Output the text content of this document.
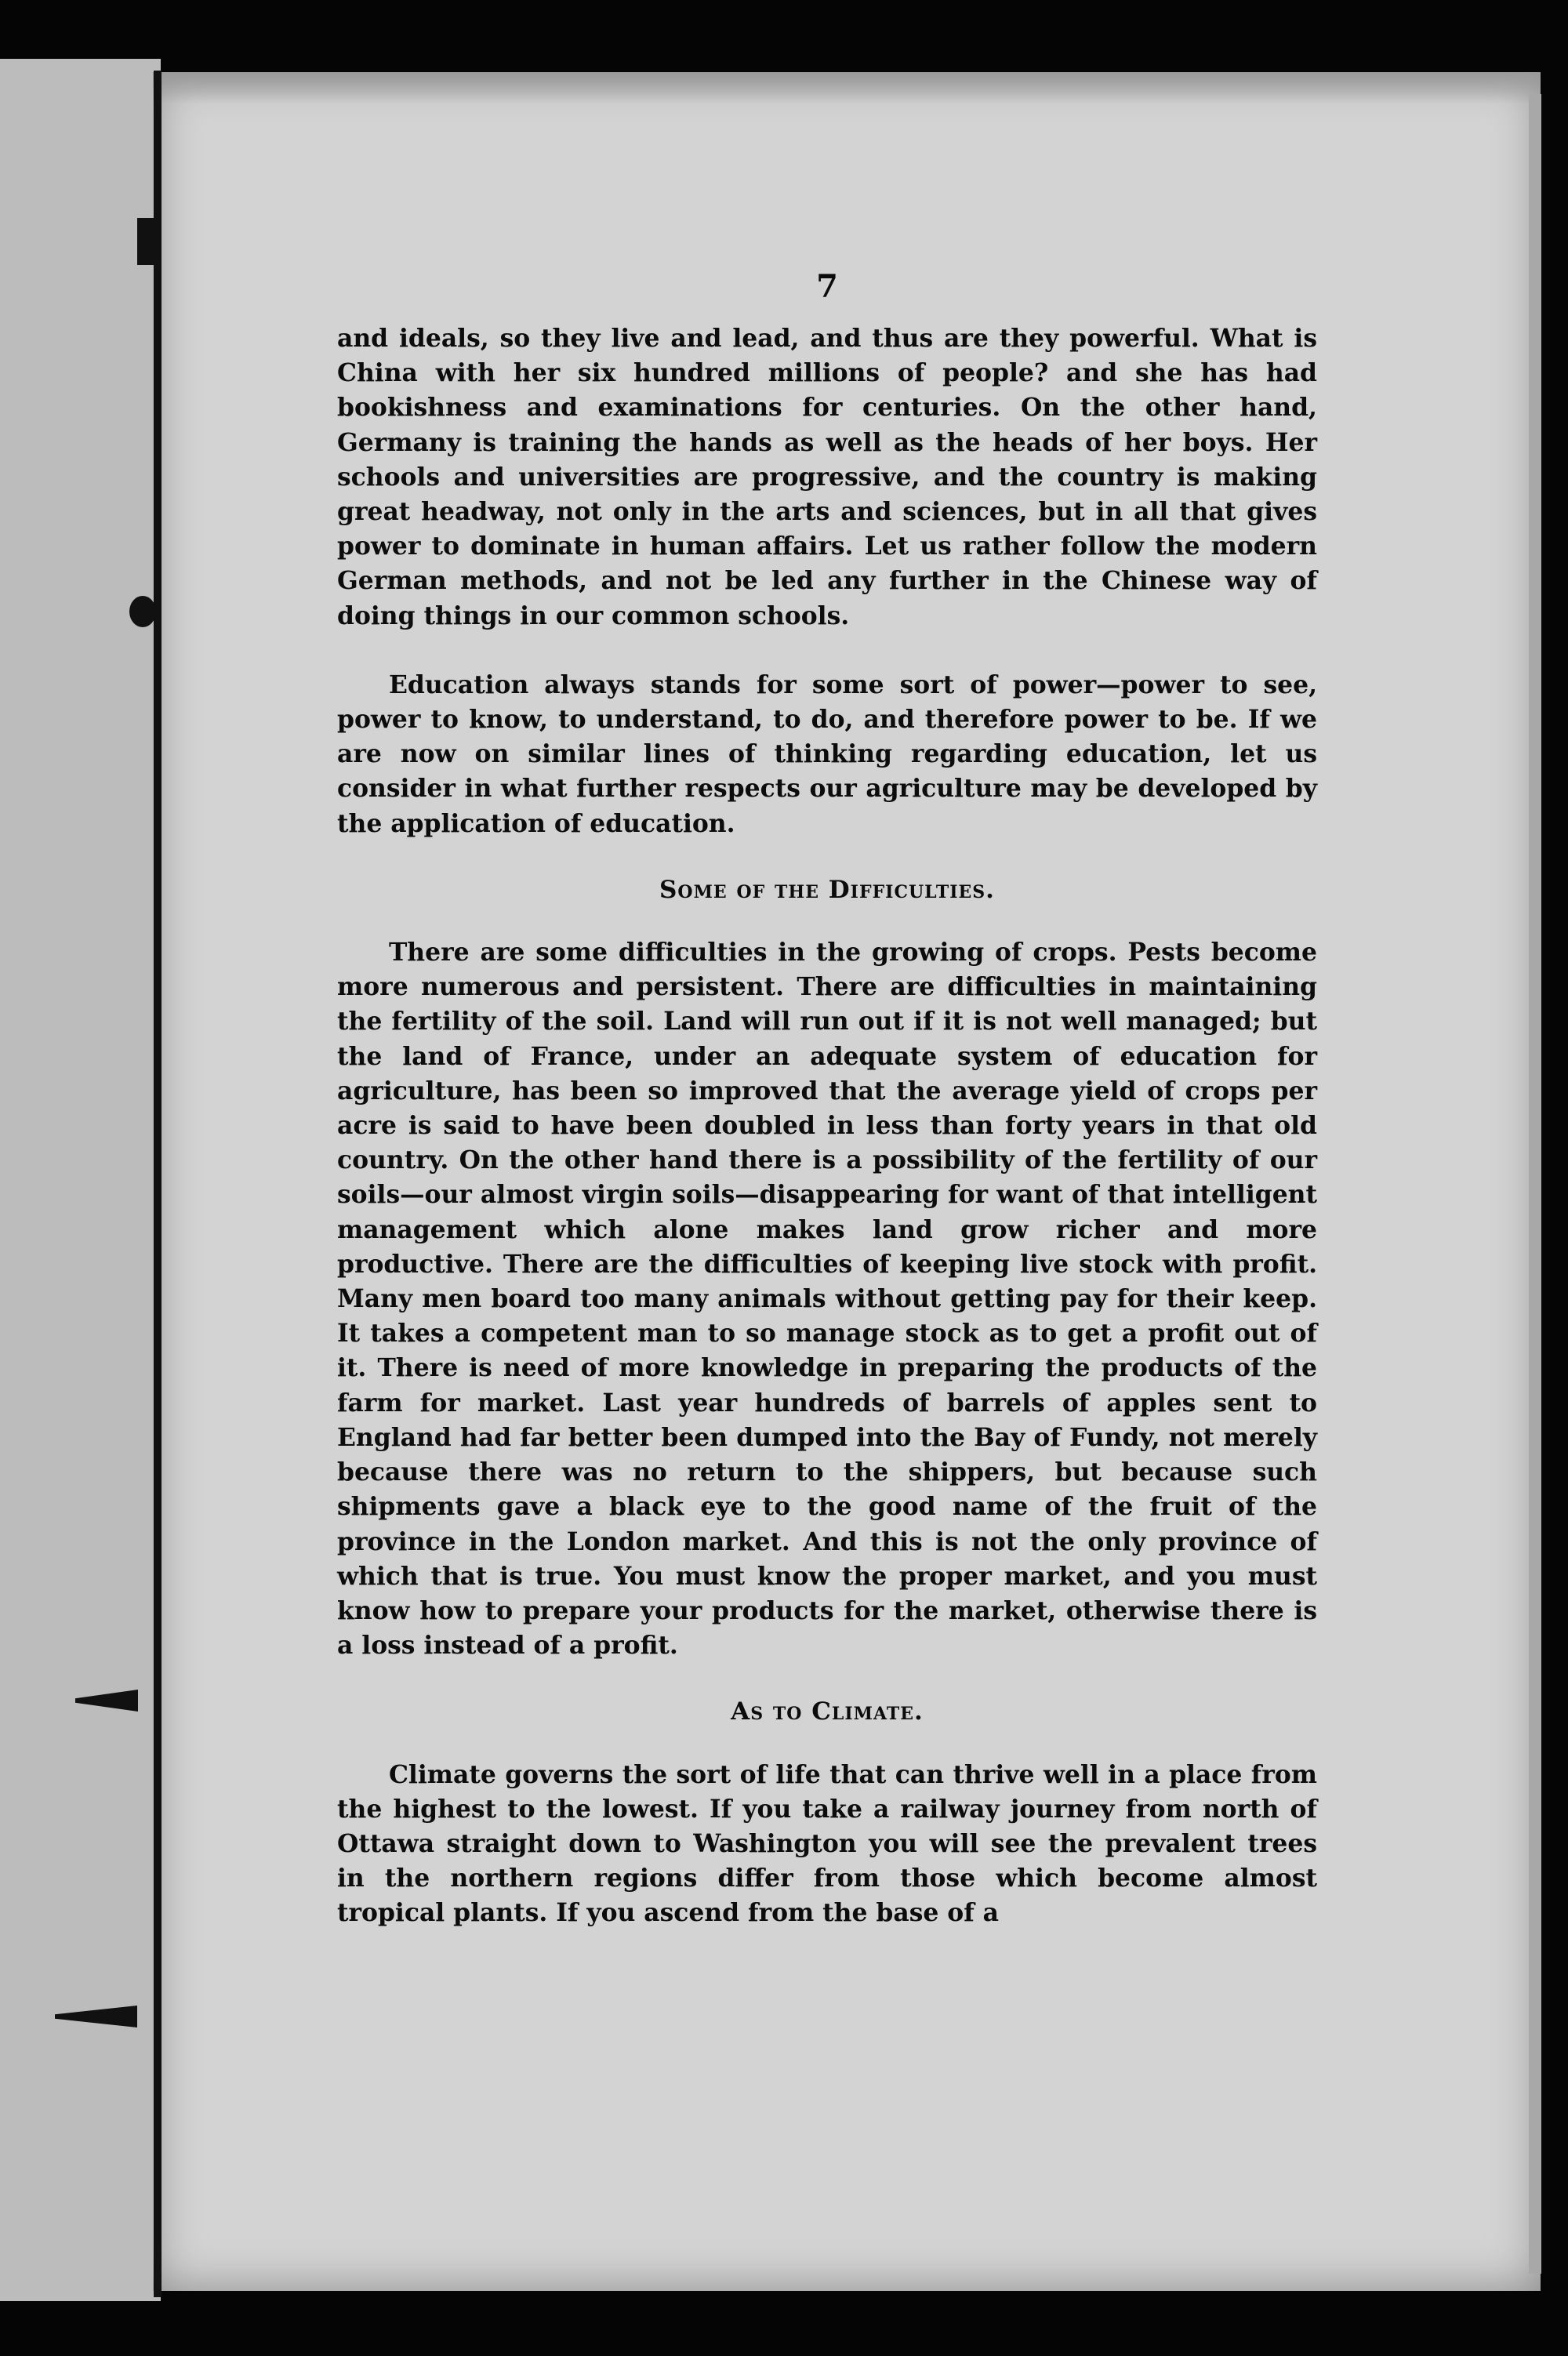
7

and ideals, so they live and lead, and thus are they powerful. What is China with her six hundred millions of people? and she has had bookishness and examinations for centuries. On the other hand, Germany is training the hands as well as the heads of her boys. Her schools and universities are progressive, and the country is making great headway, not only in the arts and sciences, but in all that gives power to dominate in human affairs. Let us rather follow the modern German methods, and not be led any further in the Chinese way of doing things in our common schools.

Education always stands for some sort of power—power to see, power to know, to understand, to do, and therefore power to be. If we are now on similar lines of thinking regarding education, let us consider in what further respects our agriculture may be developed by the application of education.

Some of the Difficulties.

There are some difficulties in the growing of crops. Pests become more numerous and persistent. There are difficulties in maintaining the fertility of the soil. Land will run out if it is not well managed; but the land of France, under an adequate system of education for agriculture, has been so improved that the average yield of crops per acre is said to have been doubled in less than forty years in that old country. On the other hand there is a possibility of the fertility of our soils—our almost virgin soils—disappearing for want of that intelligent management which alone makes land grow richer and more productive. There are the difficulties of keeping live stock with profit. Many men board too many animals without getting pay for their keep. It takes a competent man to so manage stock as to get a profit out of it. There is need of more knowledge in preparing the products of the farm for market. Last year hundreds of barrels of apples sent to England had far better been dumped into the Bay of Fundy, not merely because there was no return to the shippers, but because such shipments gave a black eye to the good name of the fruit of the province in the London market. And this is not the only province of which that is true. You must know the proper market, and you must know how to prepare your products for the market, otherwise there is a loss instead of a profit.

As to Climate.

Climate governs the sort of life that can thrive well in a place from the highest to the lowest. If you take a railway journey from north of Ottawa straight down to Washington you will see the prevalent trees in the northern regions differ from those which become almost tropical plants. If you ascend from the base of a
